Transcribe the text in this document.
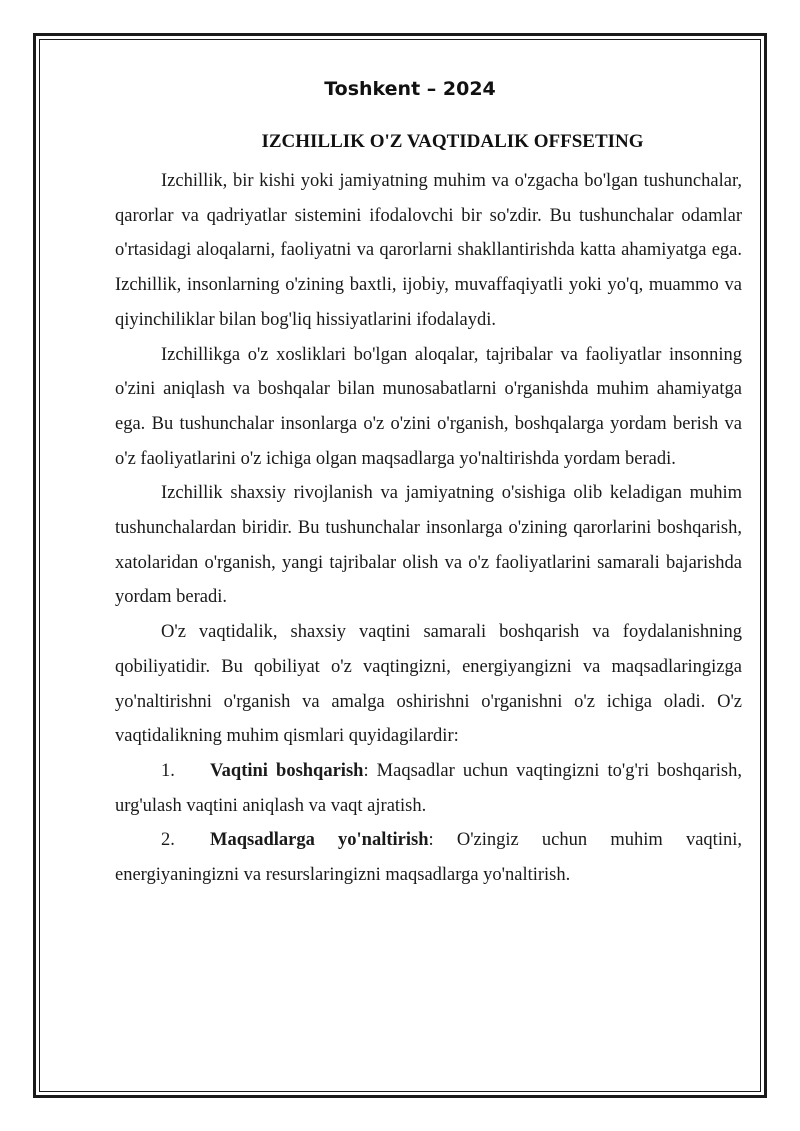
Toshkent – 2024
IZCHILLIK O'Z VAQTIDALIK OFFSETING

Izchillik, bir kishi yoki jamiyatning muhim va o'zgacha bo'lgan tushunchalar, qarorlar va qadriyatlar sistemini ifodalovchi bir so'zdir. Bu tushunchalar odamlar o'rtasidagi aloqalarni, faoliyatni va qarorlarni shakllantirishda katta ahamiyatga ega. Izchillik, insonlarning o'zining baxtli, ijobiy, muvaffaqiyatli yoki yo'q, muammo va qiyinchiliklar bilan bog'liq hissiyatlarini ifodalaydi.

Izchillikga o'z xosliklari bo'lgan aloqalar, tajribalar va faoliyatlar insonning o'zini aniqlash va boshqalar bilan munosabatlarni o'rganishda muhim ahamiyatga ega. Bu tushunchalar insonlarga o'z o'zini o'rganish, boshqalarga yordam berish va o'z faoliyatlarini o'z ichiga olgan maqsadlarga yo'naltirishda yordam beradi.

Izchillik shaxsiy rivojlanish va jamiyatning o'sishiga olib keladigan muhim tushunchalardan biridir. Bu tushunchalar insonlarga o'zining qarorlarini boshqarish, xatolaridan o'rganish, yangi tajribalar olish va o'z faoliyatlarini samarali bajarishda yordam beradi.

O'z vaqtidalik, shaxsiy vaqtini samarali boshqarish va foydalanishning qobiliyatidir. Bu qobiliyat o'z vaqtingizni, energiyangizni va maqsadlaringizga yo'naltirishni o'rganish va amalga oshirishni o'rganishni o'z ichiga oladi. O'z vaqtidalikning muhim qismlari quyidagilardir:

1. Vaqtini boshqarish: Maqsadlar uchun vaqtingizni to'g'ri boshqarish, urg'ulash vaqtini aniqlash va vaqt ajratish.

2. Maqsadlarga yo'naltirish: O'zingiz uchun muhim vaqtini, energiyaningizni va resurslaringizni maqsadlarga yo'naltirish.
